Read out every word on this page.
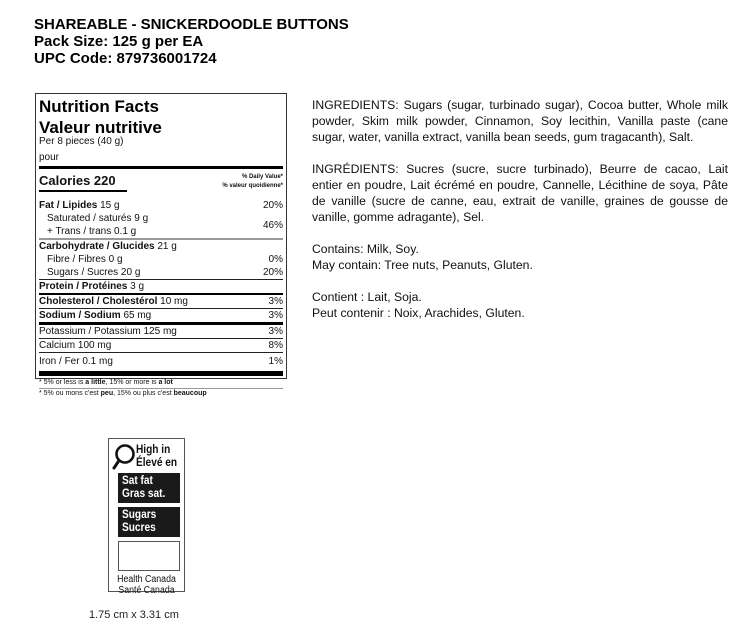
SHAREABLE - SNICKERDOODLE BUTTONS
Pack Size: 125 g per EA
UPC Code: 879736001724
Nutrition Facts
Valeur nutritive
Per 8 pieces (40 g)
pour
Calories 220	% Daily Value*
% valeur quoidienne*
Fat / Lipides 15 g	20%
Saturated / saturés 9 g
+ Trans / trans 0.1 g
46%
Carbohydrate / Glucides 21 g
Fibre / Fibres 0 g	0%
Sugars / Sucres 20 g	20%
Protein / Protéines 3 g
Cholesterol / Cholestérol 10 mg	3%
Sodium / Sodium 65 mg	3%
Potassium / Potassium 125 mg	3%
Calcium 100 mg	8%
Iron / Fer 0.1 mg	1%
* 5% or less is a little, 15% or more is a lot
* 5% ou mons c'est peu, 15% ou plus c'est beaucoup

INGREDIENTS: Sugars (sugar, turbinado sugar), Cocoa butter, Whole milk powder, Skim milk powder, Cinnamon, Soy lecithin, Vanilla paste (cane sugar, water, vanilla extract, vanilla bean seeds, gum tragacanth), Salt.

INGRÉDIENTS: Sucres (sucre, sucre turbinado), Beurre de cacao, Lait entier en poudre, Lait écrémé en poudre, Cannelle, Lécithine de soya, Pâte de vanille (sucre de canne, eau, extrait de vanille, graines de gousse de vanille, gomme adragante), Sel.

Contains: Milk, Soy.
May contain: Tree nuts, Peanuts, Gluten.

Contient : Lait, Soja.
Peut contenir : Noix, Arachides, Gluten.

High in
Élevé en
Sat fat
Gras sat.
Sugars
Sucres
Health Canada
Santé Canada
1.75 cm x 3.31 cm
